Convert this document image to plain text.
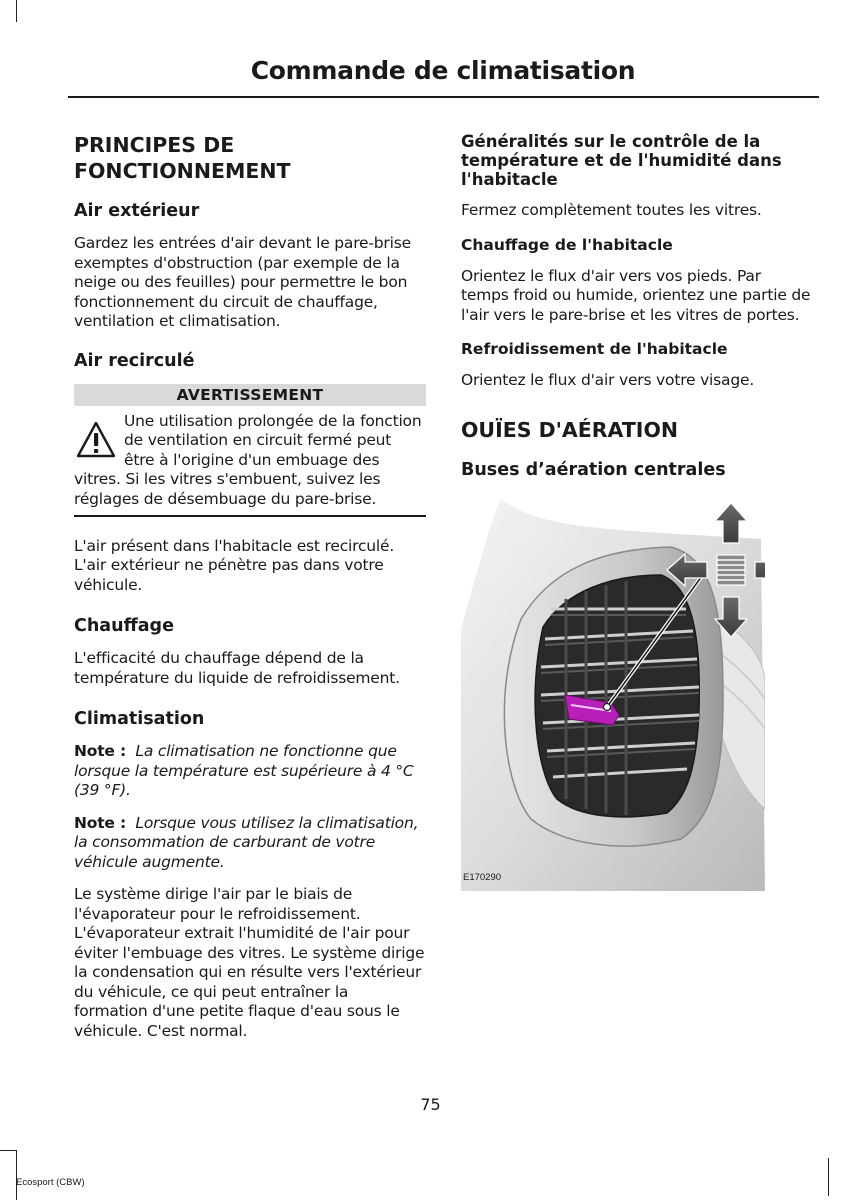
Commande de climatisation
PRINCIPES DE FONCTIONNEMENT
Air extérieur
Gardez les entrées d'air devant le pare-brise exemptes d'obstruction (par exemple de la neige ou des feuilles) pour permettre le bon fonctionnement du circuit de chauffage, ventilation et climatisation.
Air recirculé
AVERTISSEMENT
Une utilisation prolongée de la fonction de ventilation en circuit fermé peut être à l'origine d'un embuage des vitres. Si les vitres s'embuent, suivez les réglages de désembuage du pare-brise.
L'air présent dans l'habitacle est recirculé. L'air extérieur ne pénètre pas dans votre véhicule.
Chauffage
L'efficacité du chauffage dépend de la température du liquide de refroidissement.
Climatisation
Note : La climatisation ne fonctionne que lorsque la température est supérieure à 4 °C (39 °F).
Note : Lorsque vous utilisez la climatisation, la consommation de carburant de votre véhicule augmente.
Le système dirige l'air par le biais de l'évaporateur pour le refroidissement. L'évaporateur extrait l'humidité de l'air pour éviter l'embuage des vitres. Le système dirige la condensation qui en résulte vers l'extérieur du véhicule, ce qui peut entraîner la formation d'une petite flaque d'eau sous le véhicule. C'est normal.
Généralités sur le contrôle de la température et de l'humidité dans l'habitacle
Fermez complètement toutes les vitres.
Chauffage de l'habitacle
Orientez le flux d'air vers vos pieds. Par temps froid ou humide, orientez une partie de l'air vers le pare-brise et les vitres de portes.
Refroidissement de l'habitacle
Orientez le flux d'air vers votre visage.
OUÏES D'AÉRATION
Buses d’aération centrales
E170290
75
Ecosport (CBW)
